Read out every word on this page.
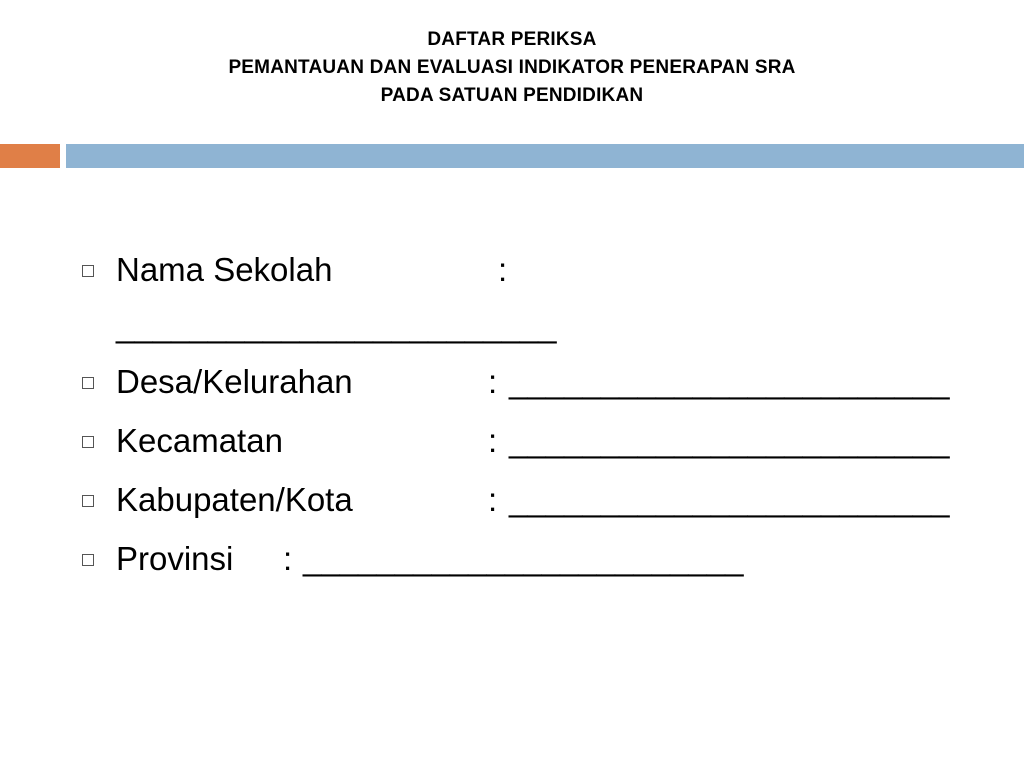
DAFTAR PERIKSA
PEMANTAUAN DAN EVALUASI INDIKATOR PENERAPAN SRA
PADA SATUAN PENDIDIKAN
Nama Sekolah	:
________________________
Desa/Kelurahan	: ________________________
Kecamatan	: ________________________
Kabupaten/Kota	: ________________________
Provinsi : ________________________
